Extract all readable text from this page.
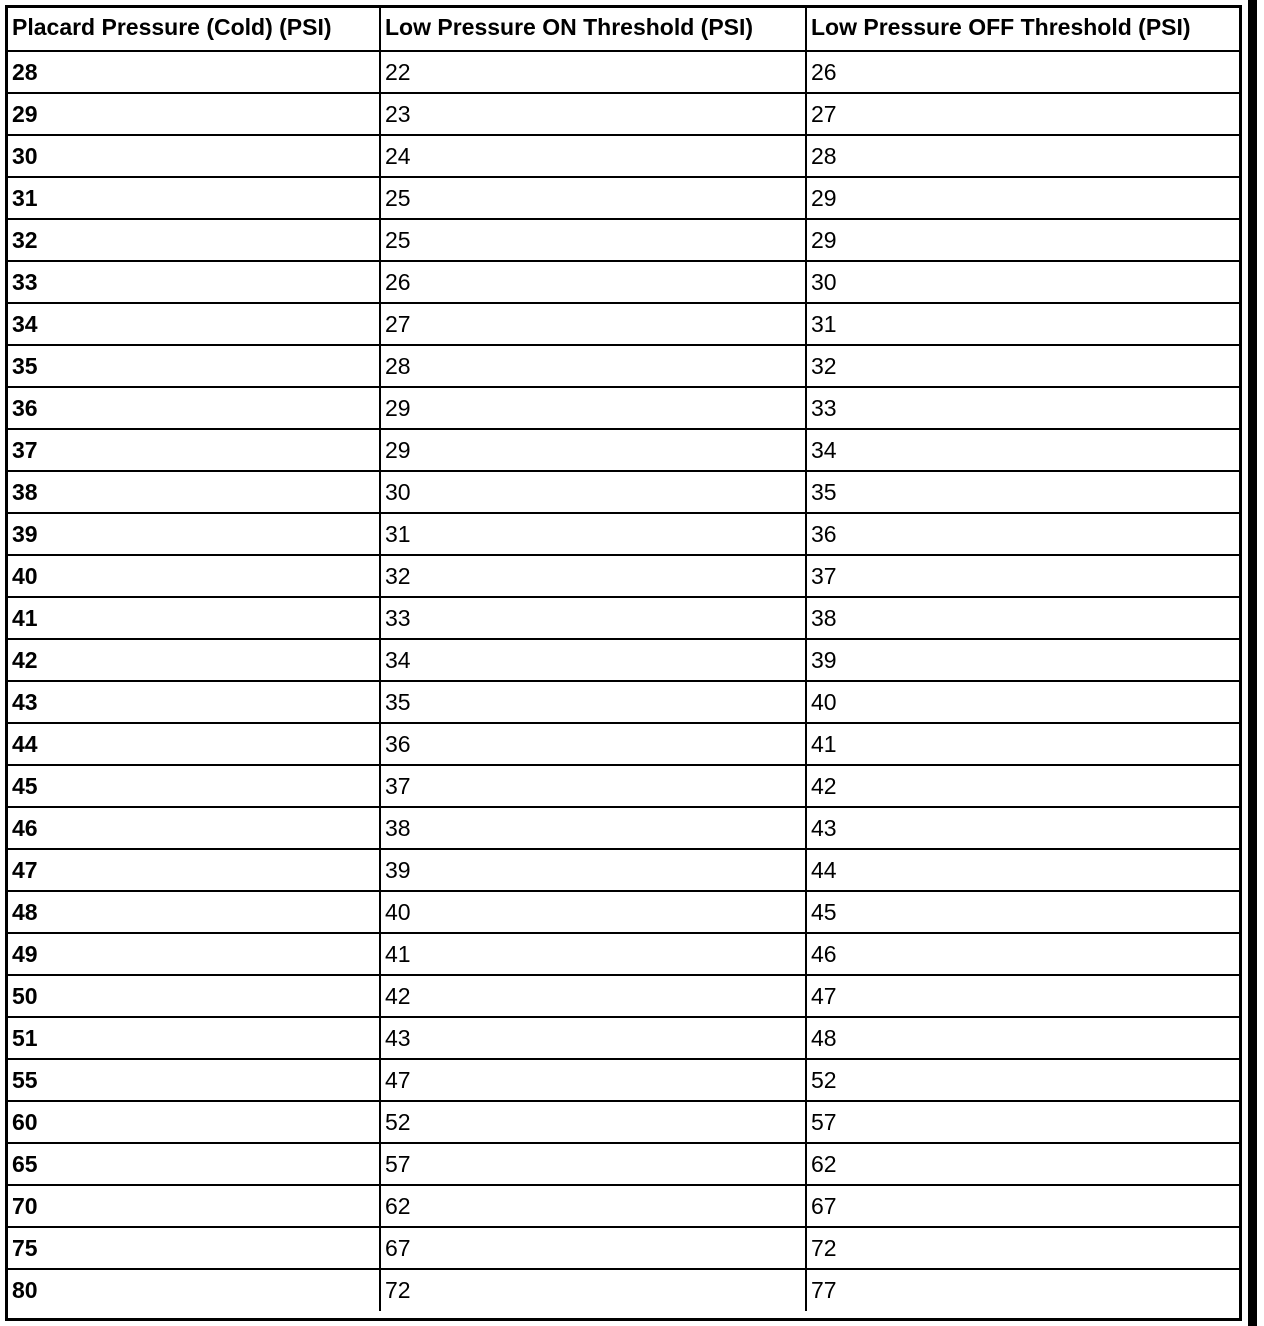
Placard Pressure (Cold) (PSI)	Low Pressure ON Threshold (PSI)	Low Pressure OFF Threshold (PSI)
28	22	26
29	23	27
30	24	28
31	25	29
32	25	29
33	26	30
34	27	31
35	28	32
36	29	33
37	29	34
38	30	35
39	31	36
40	32	37
41	33	38
42	34	39
43	35	40
44	36	41
45	37	42
46	38	43
47	39	44
48	40	45
49	41	46
50	42	47
51	43	48
55	47	52
60	52	57
65	57	62
70	62	67
75	67	72
80	72	77
